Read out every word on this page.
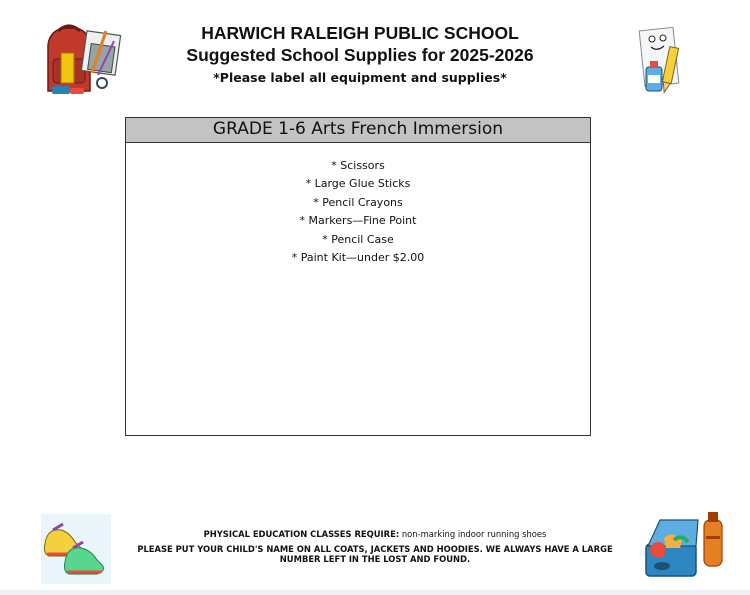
HARWICH RALEIGH PUBLIC SCHOOL
Suggested School Supplies for 2025-2026
*Please label all equipment and supplies*
GRADE 1-6 Arts French Immersion
* Scissors
* Large Glue Sticks
* Pencil Crayons
* Markers—Fine Point
* Pencil Case
* Paint Kit—under $2.00
PHYSICAL EDUCATION CLASSES REQUIRE: non-marking indoor running shoes
PLEASE PUT YOUR CHILD'S NAME ON ALL COATS, JACKETS AND HOODIES. WE ALWAYS HAVE A LARGE NUMBER LEFT IN THE LOST AND FOUND.
